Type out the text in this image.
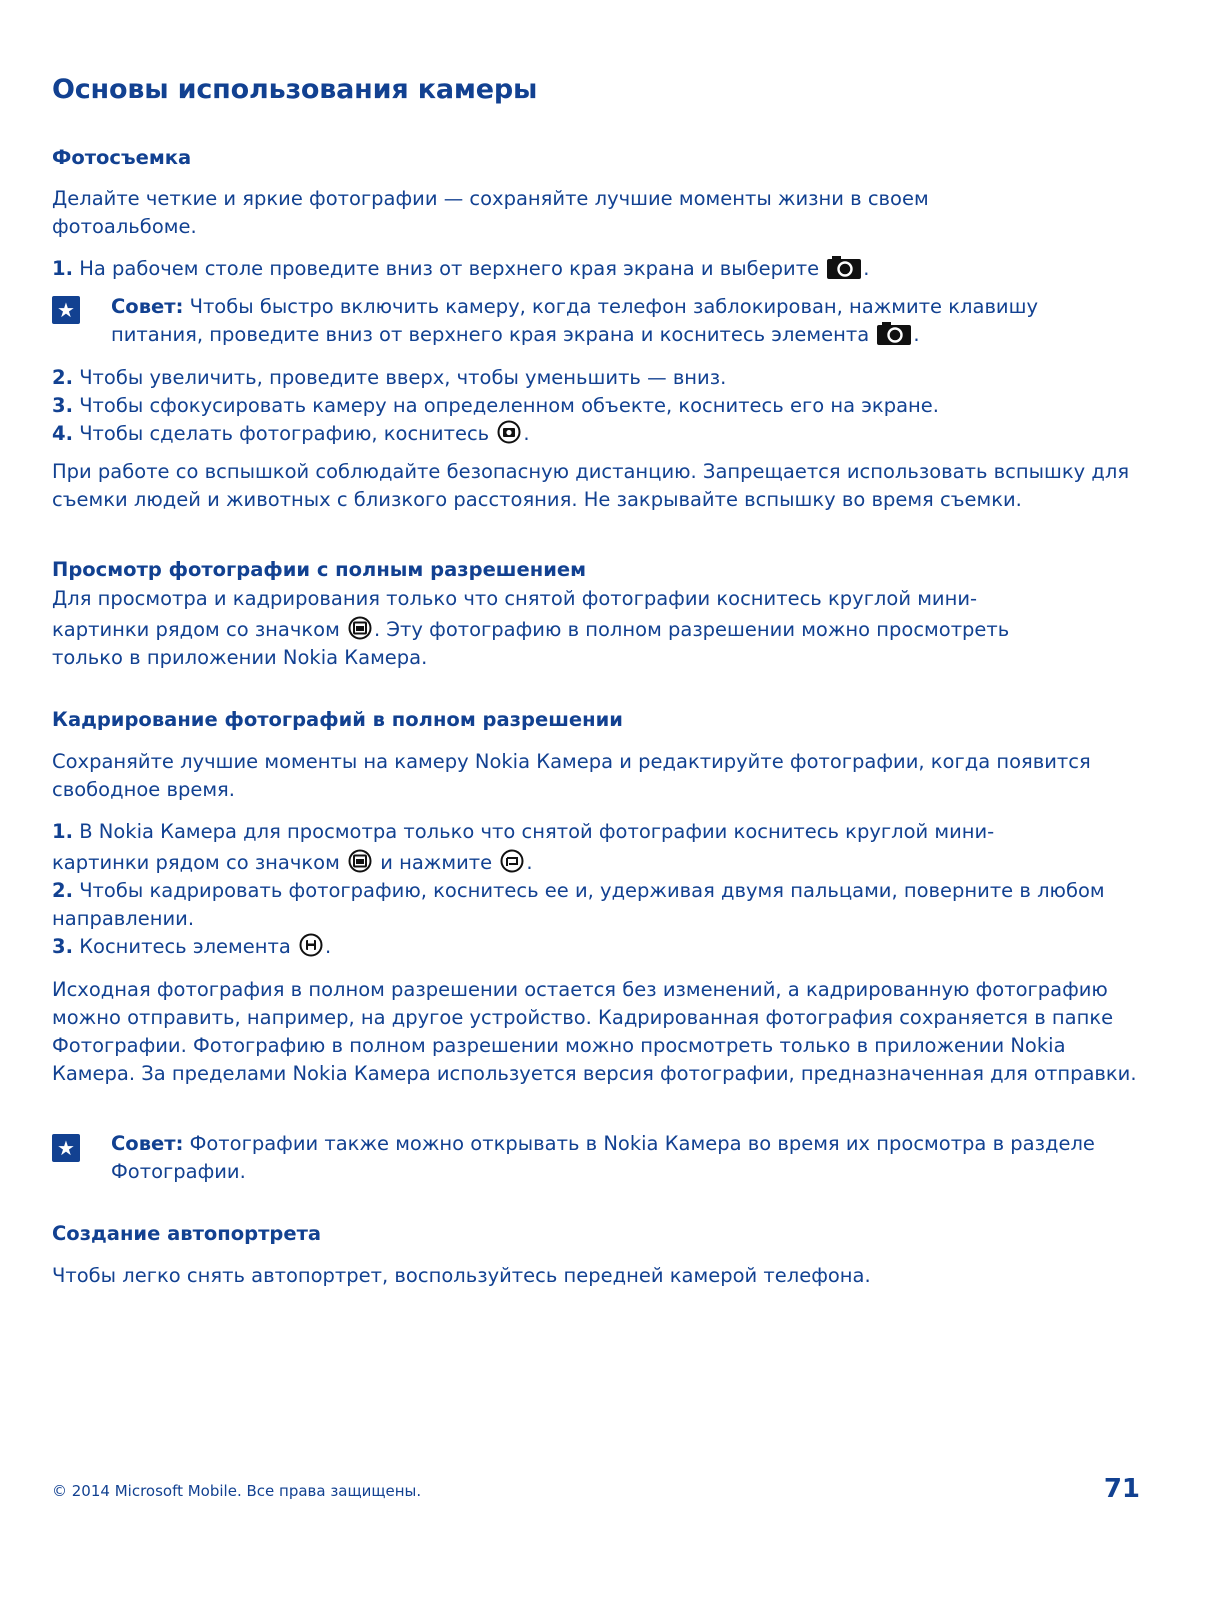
Основы использования камеры
Фотосъемка

Делайте четкие и яркие фотографии — сохраняйте лучшие моменты жизни в своем фотоальбоме.

1. На рабочем столе проведите вниз от верхнего края экрана и выберите .

★ Совет: Чтобы быстро включить камеру, когда телефон заблокирован, нажмите клавишу

питания, проведите вниз от верхнего края экрана и коснитесь элемента .

2. Чтобы увеличить, проведите вверх, чтобы уменьшить — вниз.

3. Чтобы сфокусировать камеру на определенном объекте, коснитесь его на экране.

4. Чтобы сделать фотографию, коснитесь .

При работе со вспышкой соблюдайте безопасную дистанцию. Запрещается использовать вспышку для съемки людей и животных с близкого расстояния. Не закрывайте вспышку во время съемки.

Просмотр фотографии с полным разрешением

Для просмотра и кадрирования только что снятой фотографии коснитесь круглой мини-

картинки рядом со значком . Эту фотографию в полном разрешении можно просмотреть

только в приложении Nokia Камера.

Кадрирование фотографий в полном разрешении

Сохраняйте лучшие моменты на камеру Nokia Камера и редактируйте фотографии, когда появится свободное время.

1. В Nokia Камера для просмотра только что снятой фотографии коснитесь круглой мини-

картинки рядом со значком и нажмите .

2. Чтобы кадрировать фотографию, коснитесь ее и, удерживая двумя пальцами, поверните в любом направлении.

3. Коснитесь элемента .

Исходная фотография в полном разрешении остается без изменений, а кадрированную фотографию можно отправить, например, на другое устройство. Кадрированная фотография сохраняется в папке Фотографии. Фотографию в полном разрешении можно просмотреть только в приложении Nokia Камера. За пределами Nokia Камера используется версия фотографии, предназначенная для отправки.

★ Совет: Фотографии также можно открывать в Nokia Камера во время их просмотра в разделе Фотографии.

Создание автопортрета

Чтобы легко снять автопортрет, воспользуйтесь передней камерой телефона.

© 2014 Microsoft Mobile. Все права защищены.	71
